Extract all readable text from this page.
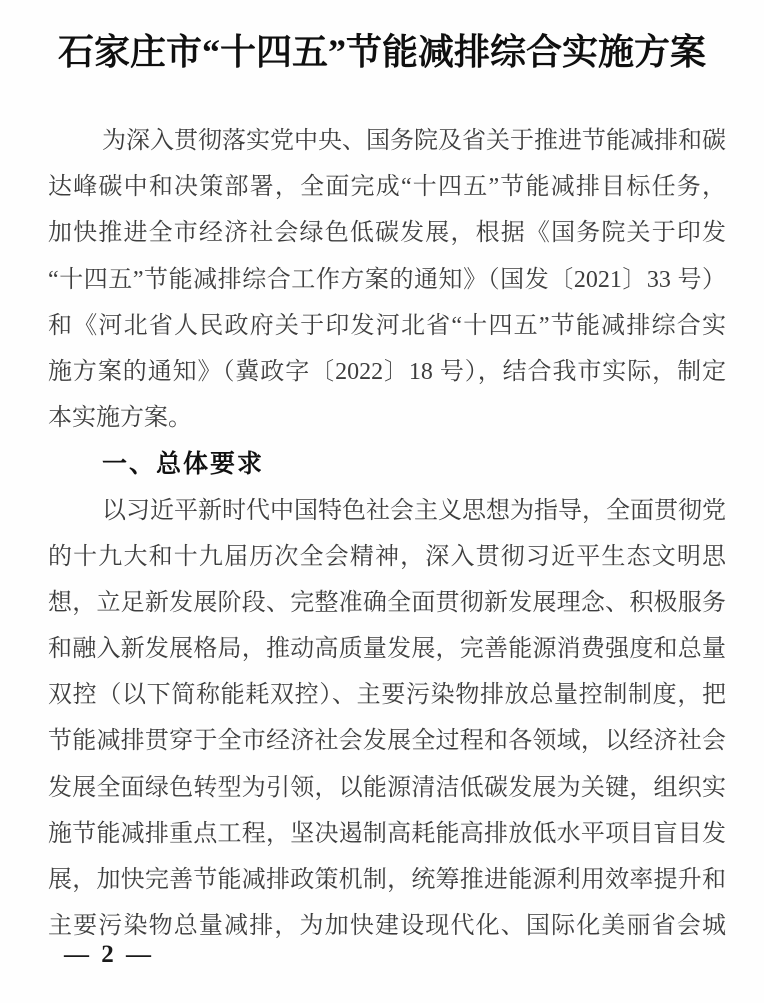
石家庄市“十四五”节能减排综合实施方案
为深入贯彻落实党中央、国务院及省关于推进节能减排和碳
达峰碳中和决策部署，全面完成“十四五”节能减排目标任务，
加快推进全市经济社会绿色低碳发展，根据《国务院关于印发
“十四五”节能减排综合工作方案的通知》（国发〔2021〕33 号）
和《河北省人民政府关于印发河北省“十四五”节能减排综合实
施方案的通知》（冀政字〔2022〕18 号），结合我市实际，制定
本实施方案。
一、总体要求
以习近平新时代中国特色社会主义思想为指导，全面贯彻党
的十九大和十九届历次全会精神，深入贯彻习近平生态文明思
想，立足新发展阶段、完整准确全面贯彻新发展理念、积极服务
和融入新发展格局，推动高质量发展，完善能源消费强度和总量
双控（以下简称能耗双控）、主要污染物排放总量控制制度，把
节能减排贯穿于全市经济社会发展全过程和各领域，以经济社会
发展全面绿色转型为引领，以能源清洁低碳发展为关键，组织实
施节能减排重点工程，坚决遏制高耗能高排放低水平项目盲目发
展，加快完善节能减排政策机制，统筹推进能源利用效率提升和
主要污染物总量减排，为加快建设现代化、国际化美丽省会城
— 2 —
